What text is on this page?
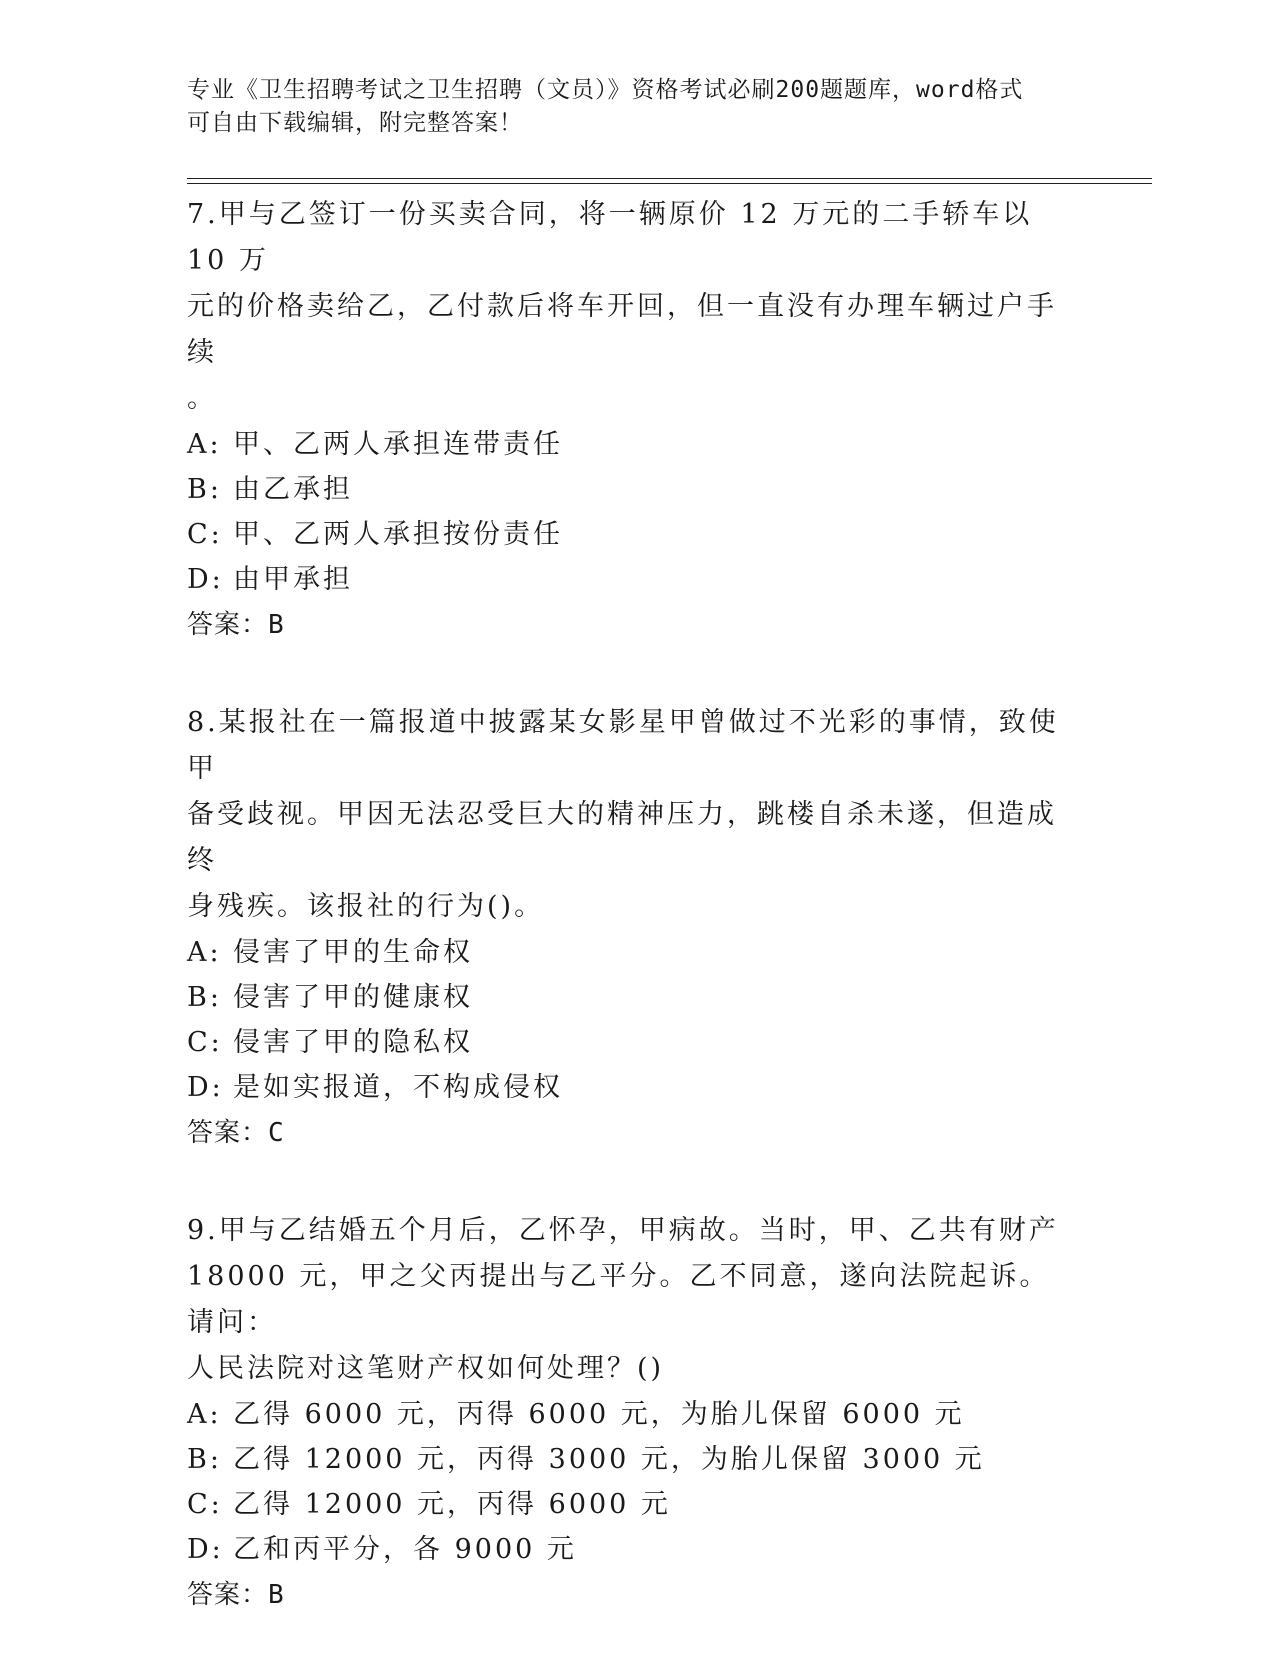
专业《卫生招聘考试之卫生招聘（文员）》资格考试必刷200题题库，word格式
可自由下载编辑，附完整答案！
7.甲与乙签订一份买卖合同，将一辆原价 12 万元的二手轿车以 10 万
元的价格卖给乙，乙付款后将车开回，但一直没有办理车辆过户手续
。
A: 甲、乙两人承担连带责任
B: 由乙承担
C: 甲、乙两人承担按份责任
D: 由甲承担
答案：B
8.某报社在一篇报道中披露某女影星甲曾做过不光彩的事情，致使甲
备受歧视。甲因无法忍受巨大的精神压力，跳楼自杀未遂，但造成终
身残疾。该报社的行为()。
A: 侵害了甲的生命权
B: 侵害了甲的健康权
C: 侵害了甲的隐私权
D: 是如实报道，不构成侵权
答案：C
9.甲与乙结婚五个月后，乙怀孕，甲病故。当时，甲、乙共有财产
18000 元，甲之父丙提出与乙平分。乙不同意，遂向法院起诉。请问：
人民法院对这笔财产权如何处理？()
A: 乙得 6000 元，丙得 6000 元，为胎儿保留 6000 元
B: 乙得 12000 元，丙得 3000 元，为胎儿保留 3000 元
C: 乙得 12000 元，丙得 6000 元
D: 乙和丙平分，各 9000 元
答案：B
